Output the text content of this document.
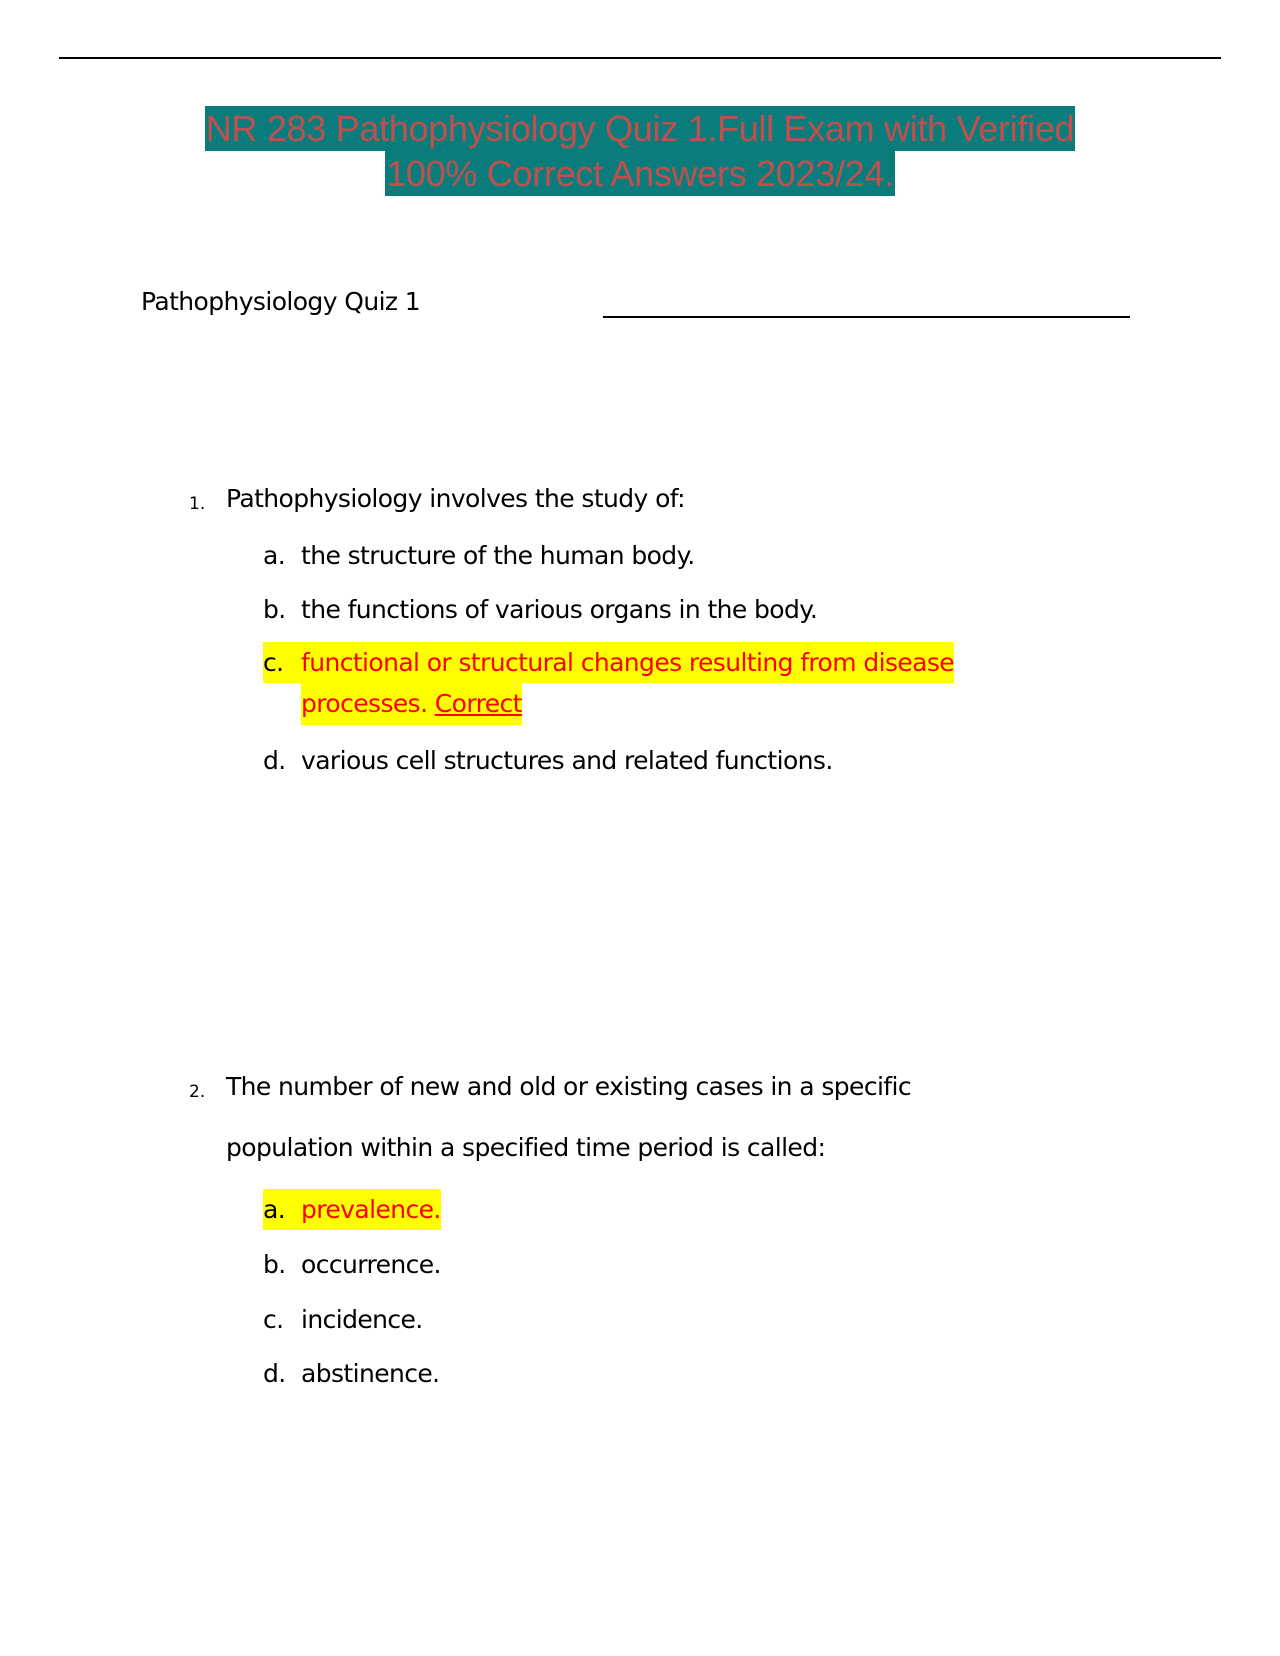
NR 283 Pathophysiology Quiz 1.Full Exam with Verified
100% Correct Answers 2023/24.
Pathophysiology Quiz 1
1. Pathophysiology involves the study of:
a. the structure of the human body.
b. the functions of various organs in the body.
c. functional or structural changes resulting from disease
processes. Correct
d. various cell structures and related functions.
2. The number of new and old or existing cases in a specific
population within a specified time period is called:
a. prevalence.
b. occurrence.
c. incidence.
d. abstinence.
